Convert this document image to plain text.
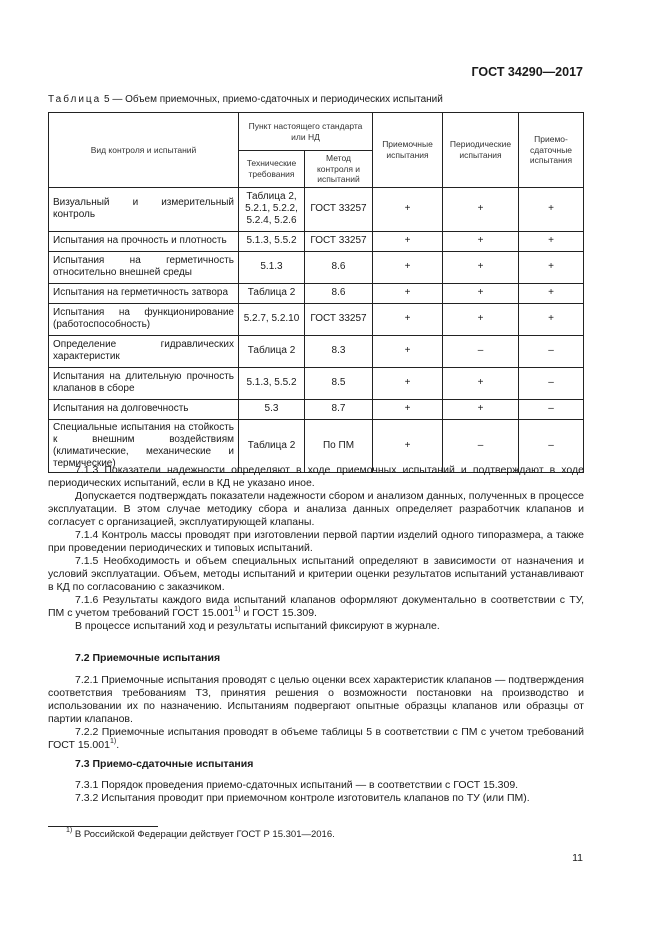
ГОСТ 34290—2017
Таблица 5 — Объем приемочных, приемо-сдаточных и периодических испытаний
Вид контроля и испытаний	Пункт настоящего стандарта или НД		Приемочные испытания	Периодические испытания	Приемо-сдаточные испытания
	Технические требования	Метод контроля и испытаний			
Визуальный и измерительный контроль	Таблица 2, 5.2.1, 5.2.2, 5.2.4, 5.2.6	ГОСТ 33257	+	+	+
Испытания на прочность и плотность	5.1.3, 5.5.2	ГОСТ 33257	+	+	+
Испытания на герметичность относительно внешней среды	5.1.3	8.6	+	+	+
Испытания на герметичность затвора	Таблица 2	8.6	+	+	+
Испытания на функционирование (работоспособность)	5.2.7, 5.2.10	ГОСТ 33257	+	+	+
Определение гидравлических характеристик	Таблица 2	8.3	+	–	–
Испытания на длительную прочность клапанов в сборе	5.1.3, 5.5.2	8.5	+	+	–
Испытания на долговечность	5.3	8.7	+	+	–
Специальные испытания на стойкость к внешним воздействиям (климатические, механические и термические)	Таблица 2	По ПМ	+	–	–

7.1.3 Показатели надежности определяют в ходе приемочных испытаний и подтверждают в ходе периодических испытаний, если в КД не указано иное.

Допускается подтверждать показатели надежности сбором и анализом данных, полученных в процессе эксплуатации. В этом случае методику сбора и анализа данных определяет разработчик клапанов и согласует с организацией, эксплуатирующей клапаны.

7.1.4 Контроль массы проводят при изготовлении первой партии изделий одного типоразмера, а также при проведении периодических и типовых испытаний.

7.1.5 Необходимость и объем специальных испытаний определяют в зависимости от назначения и условий эксплуатации. Объем, методы испытаний и критерии оценки результатов испытаний устанавливают в КД по согласованию с заказчиком.

7.1.6 Результаты каждого вида испытаний клапанов оформляют документально в соответствии с ТУ, ПМ с учетом требований ГОСТ 15.001$^{1)}$ и ГОСТ 15.309.

В процессе испытаний ход и результаты испытаний фиксируют в журнале.

7.2 Приемочные испытания

7.2.1 Приемочные испытания проводят с целью оценки всех характеристик клапанов — подтверждения соответствия требованиям ТЗ, принятия решения о возможности постановки на производство и использовании их по назначению. Испытаниям подвергают опытные образцы клапанов или образцы от партии клапанов.

7.2.2 Приемочные испытания проводят в объеме таблицы 5 в соответствии с ПМ с учетом требований ГОСТ 15.001$^{1)}$.

7.3 Приемо-сдаточные испытания

7.3.1 Порядок проведения приемо-сдаточных испытаний — в соответствии с ГОСТ 15.309.

7.3.2 Испытания проводит при приемочном контроле изготовитель клапанов по ТУ (или ПМ).

$^{1)}$ В Российской Федерации действует ГОСТ Р 15.301—2016.
11
